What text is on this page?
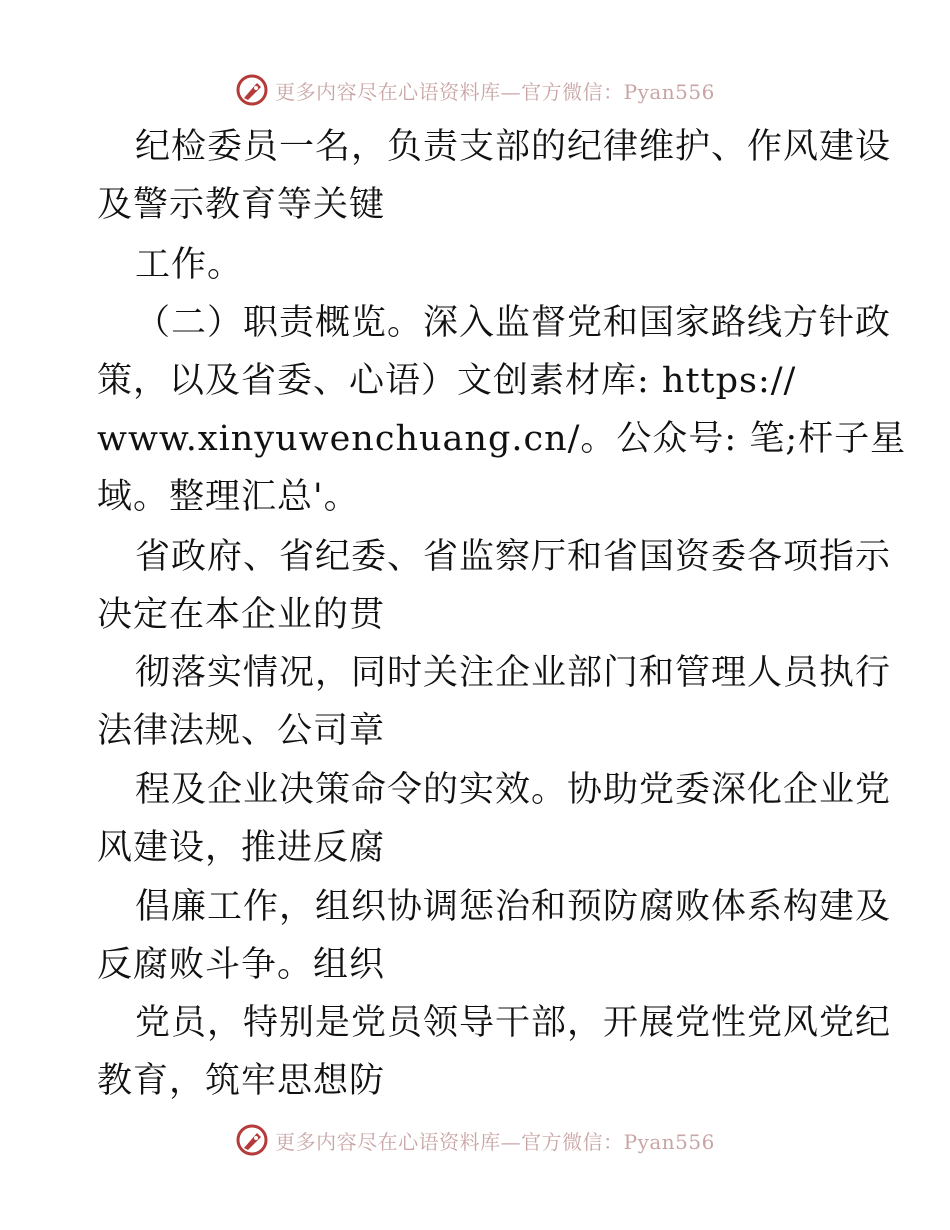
更多内容尽在心语资料库—官方微信：Pyan556
纪检委员一名，负责支部的纪律维护、作风建设
及警示教育等关键
工作。
（二）职责概览。深入监督党和国家路线方针政
策，以及省委、心语）文创素材库: https://
www.xinyuwenchuang.cn/。公众号: 笔;杆子星
域。整理汇总'。
省政府、省纪委、省监察厅和省国资委各项指示
决定在本企业的贯
彻落实情况，同时关注企业部门和管理人员执行
法律法规、公司章
程及企业决策命令的实效。协助党委深化企业党
风建设，推进反腐
倡廉工作，组织协调惩治和预防腐败体系构建及
反腐败斗争。组织
党员，特别是党员领导干部，开展党性党风党纪
教育，筑牢思想防
更多内容尽在心语资料库—官方微信：Pyan556
